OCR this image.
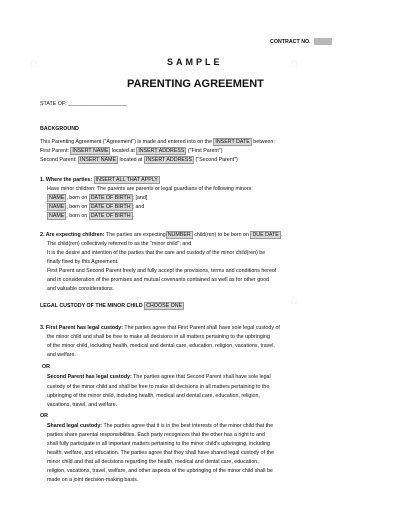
⌂	⌂
⌂
CONTRACT NO.
SAMPLE
PARENTING AGREEMENT
STATE OF: ____________________
BACKGROUND
This Parenting Agreement ("Agreement") is made and entered into on the INSERT DATE between:
First Parent: INSERT NAME located at INSERT ADDRESS ("First Parent")
Second Parent: INSERT NAME located at INSERT ADDRESS ("Second Parent")
1. Where the parties: INSERT ALL THAT APPLY
Have minor children: The parents are parents or legal guardians of the following minors:
NAME , born on DATE OF BIRTH ; [and]
NAME , born on DATE OF BIRTH ; and
NAME , born on DATE OF BIRTH .
2. Are expecting children: The parties are expecting NUMBER child(ren) to be born on DUE DATE .
The child(ren) collectively referred to as the "minor child"; and
It is the desire and intention of the parties that the care and custody of the minor child(ren) be
finally fixed by this Agreement.
First Parent and Second Parent freely and fully accept the provisions, terms and conditions hereof
and in consideration of the promises and mutual covenants contained as well as for other good
and valuable considerations.
LEGAL CUSTODY OF THE MINOR CHILD CHOOSE ONE
3. First Parent has legal custody: The parties agree that First Parent shall have sole legal custody of
the minor child and shall be free to make all decisions in all matters pertaining to the upbringing
of the minor child, including health, medical and dental care, education, religion, vacations, travel,
and welfare.
OR
Second Parent has legal custody: The parties agree that Second Parent shall have sole legal
custody of the minor child and shall be free to make all decisions in all matters pertaining to the
upbringing of the minor child, including health, medical and dental care, education, religion,
vacations, travel, and welfare.
OR
Shared legal custody: The parties agree that it is in the best interests of the minor child that the
parties share parental responsibilities. Each party recognizes that the other has a right to and
shall fully participate in all important matters pertaining to the minor child's upbringing, including
health, welfare, and education. The parties agree that they shall have shared legal custody of the
minor child and that all decisions regarding the health, medical and dental care, education,
religion, vacations, travel, welfare, and other aspects of the upbringing of the minor child shall be
made on a joint decision-making basis.
